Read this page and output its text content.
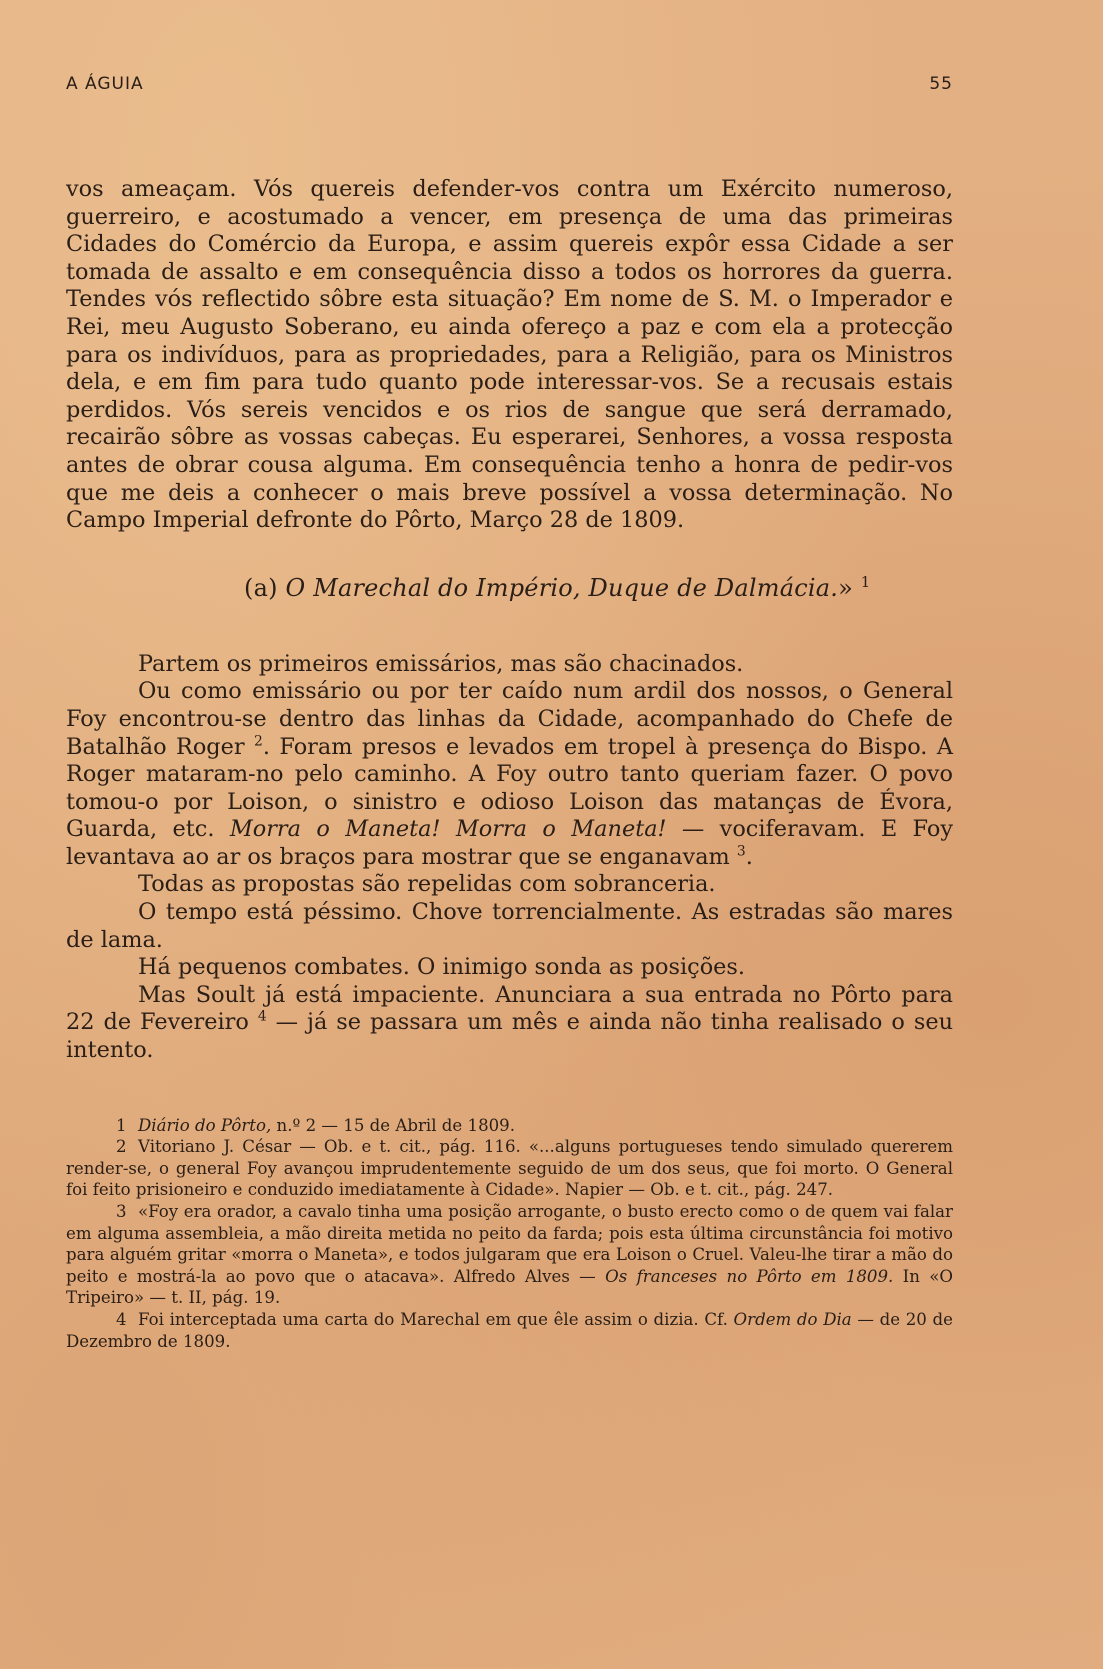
A ÁGUIA	55

vos ameaçam. Vós quereis defender-vos contra um Exército numeroso, guerreiro, e acostumado a vencer, em presença de uma das primeiras Cidades do Comércio da Europa, e assim quereis expôr essa Cidade a ser tomada de assalto e em consequência disso a todos os horrores da guerra. Tendes vós reflectido sôbre esta situação? Em nome de S. M. o Imperador e Rei, meu Augusto Soberano, eu ainda ofereço a paz e com ela a protecção para os indivíduos, para as propriedades, para a Religião, para os Ministros dela, e em fim para tudo quanto pode interessar-vos. Se a recusais estais perdidos. Vós sereis vencidos e os rios de sangue que será derramado, recairão sôbre as vossas cabeças. Eu esperarei, Senhores, a vossa resposta antes de obrar cousa alguma. Em consequência tenho a honra de pedir-vos que me deis a conhecer o mais breve possível a vossa determinação. No Campo Imperial defronte do Pôrto, Março 28 de 1809.

(a) O Marechal do Império, Duque de Dalmácia.» $^1$

Partem os primeiros emissários, mas são chacinados.

Ou como emissário ou por ter caído num ardil dos nossos, o General Foy encontrou-se dentro das linhas da Cidade, acompanhado do Chefe de Batalhão Roger $^2$. Foram presos e levados em tropel à presença do Bispo. A Roger mataram-no pelo caminho. A Foy outro tanto queriam fazer. O povo tomou-o por Loison, o sinistro e odioso Loison das matanças de Évora, Guarda, etc. Morra o Maneta! Morra o Maneta! — vociferavam. E Foy levantava ao ar os braços para mostrar que se enganavam $^3$.

Todas as propostas são repelidas com sobranceria.

O tempo está péssimo. Chove torrencialmente. As estradas são mares de lama.

Há pequenos combates. O inimigo sonda as posições.

Mas Soult já está impaciente. Anunciara a sua entrada no Pôrto para 22 de Fevereiro $^4$ — já se passara um mês e ainda não tinha realisado o seu intento.

1 Diário do Pôrto, n.º 2 — 15 de Abril de 1809.

2 Vitoriano J. César — Ob. e t. cit., pág. 116. «...alguns portugueses tendo simulado quererem render-se, o general Foy avançou imprudentemente seguido de um dos seus, que foi morto. O General foi feito prisioneiro e conduzido imediatamente à Cidade». Napier — Ob. e t. cit., pág. 247.

3 «Foy era orador, a cavalo tinha uma posição arrogante, o busto erecto como o de quem vai falar em alguma assembleia, a mão direita metida no peito da farda; pois esta última circunstância foi motivo para alguém gritar «morra o Maneta», e todos julgaram que era Loison o Cruel. Valeu-lhe tirar a mão do peito e mostrá-la ao povo que o atacava». Alfredo Alves — Os franceses no Pôrto em 1809. In «O Tripeiro» — t. II, pág. 19.

4 Foi interceptada uma carta do Marechal em que êle assim o dizia. Cf. Ordem do Dia — de 20 de Dezembro de 1809.
